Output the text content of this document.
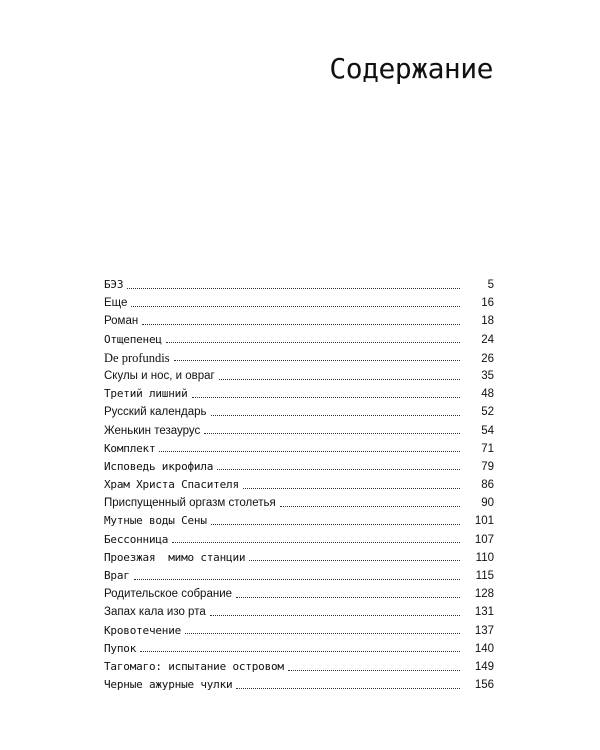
Содержание
БЭЗ	5
Еще	16
Роман	18
Отщепенец	24
De profundis	26
Скулы и нос, и овраг	35
Третий лишний	48
Русский календарь	52
Женькин тезаурус	54
Комплект	71
Исповедь икрофила	79
Храм Христа Спасителя	86
Приспущенный оргазм столетья	90
Мутные воды Сены	101
Бессонница	107
Проезжая  мимо станции	110
Враг	115
Родительское собрание	128
Запах кала изо рта	131
Кровотечение	137
Пупок	140
Тагомаго: испытание островом	149
Черные ажурные чулки	156
